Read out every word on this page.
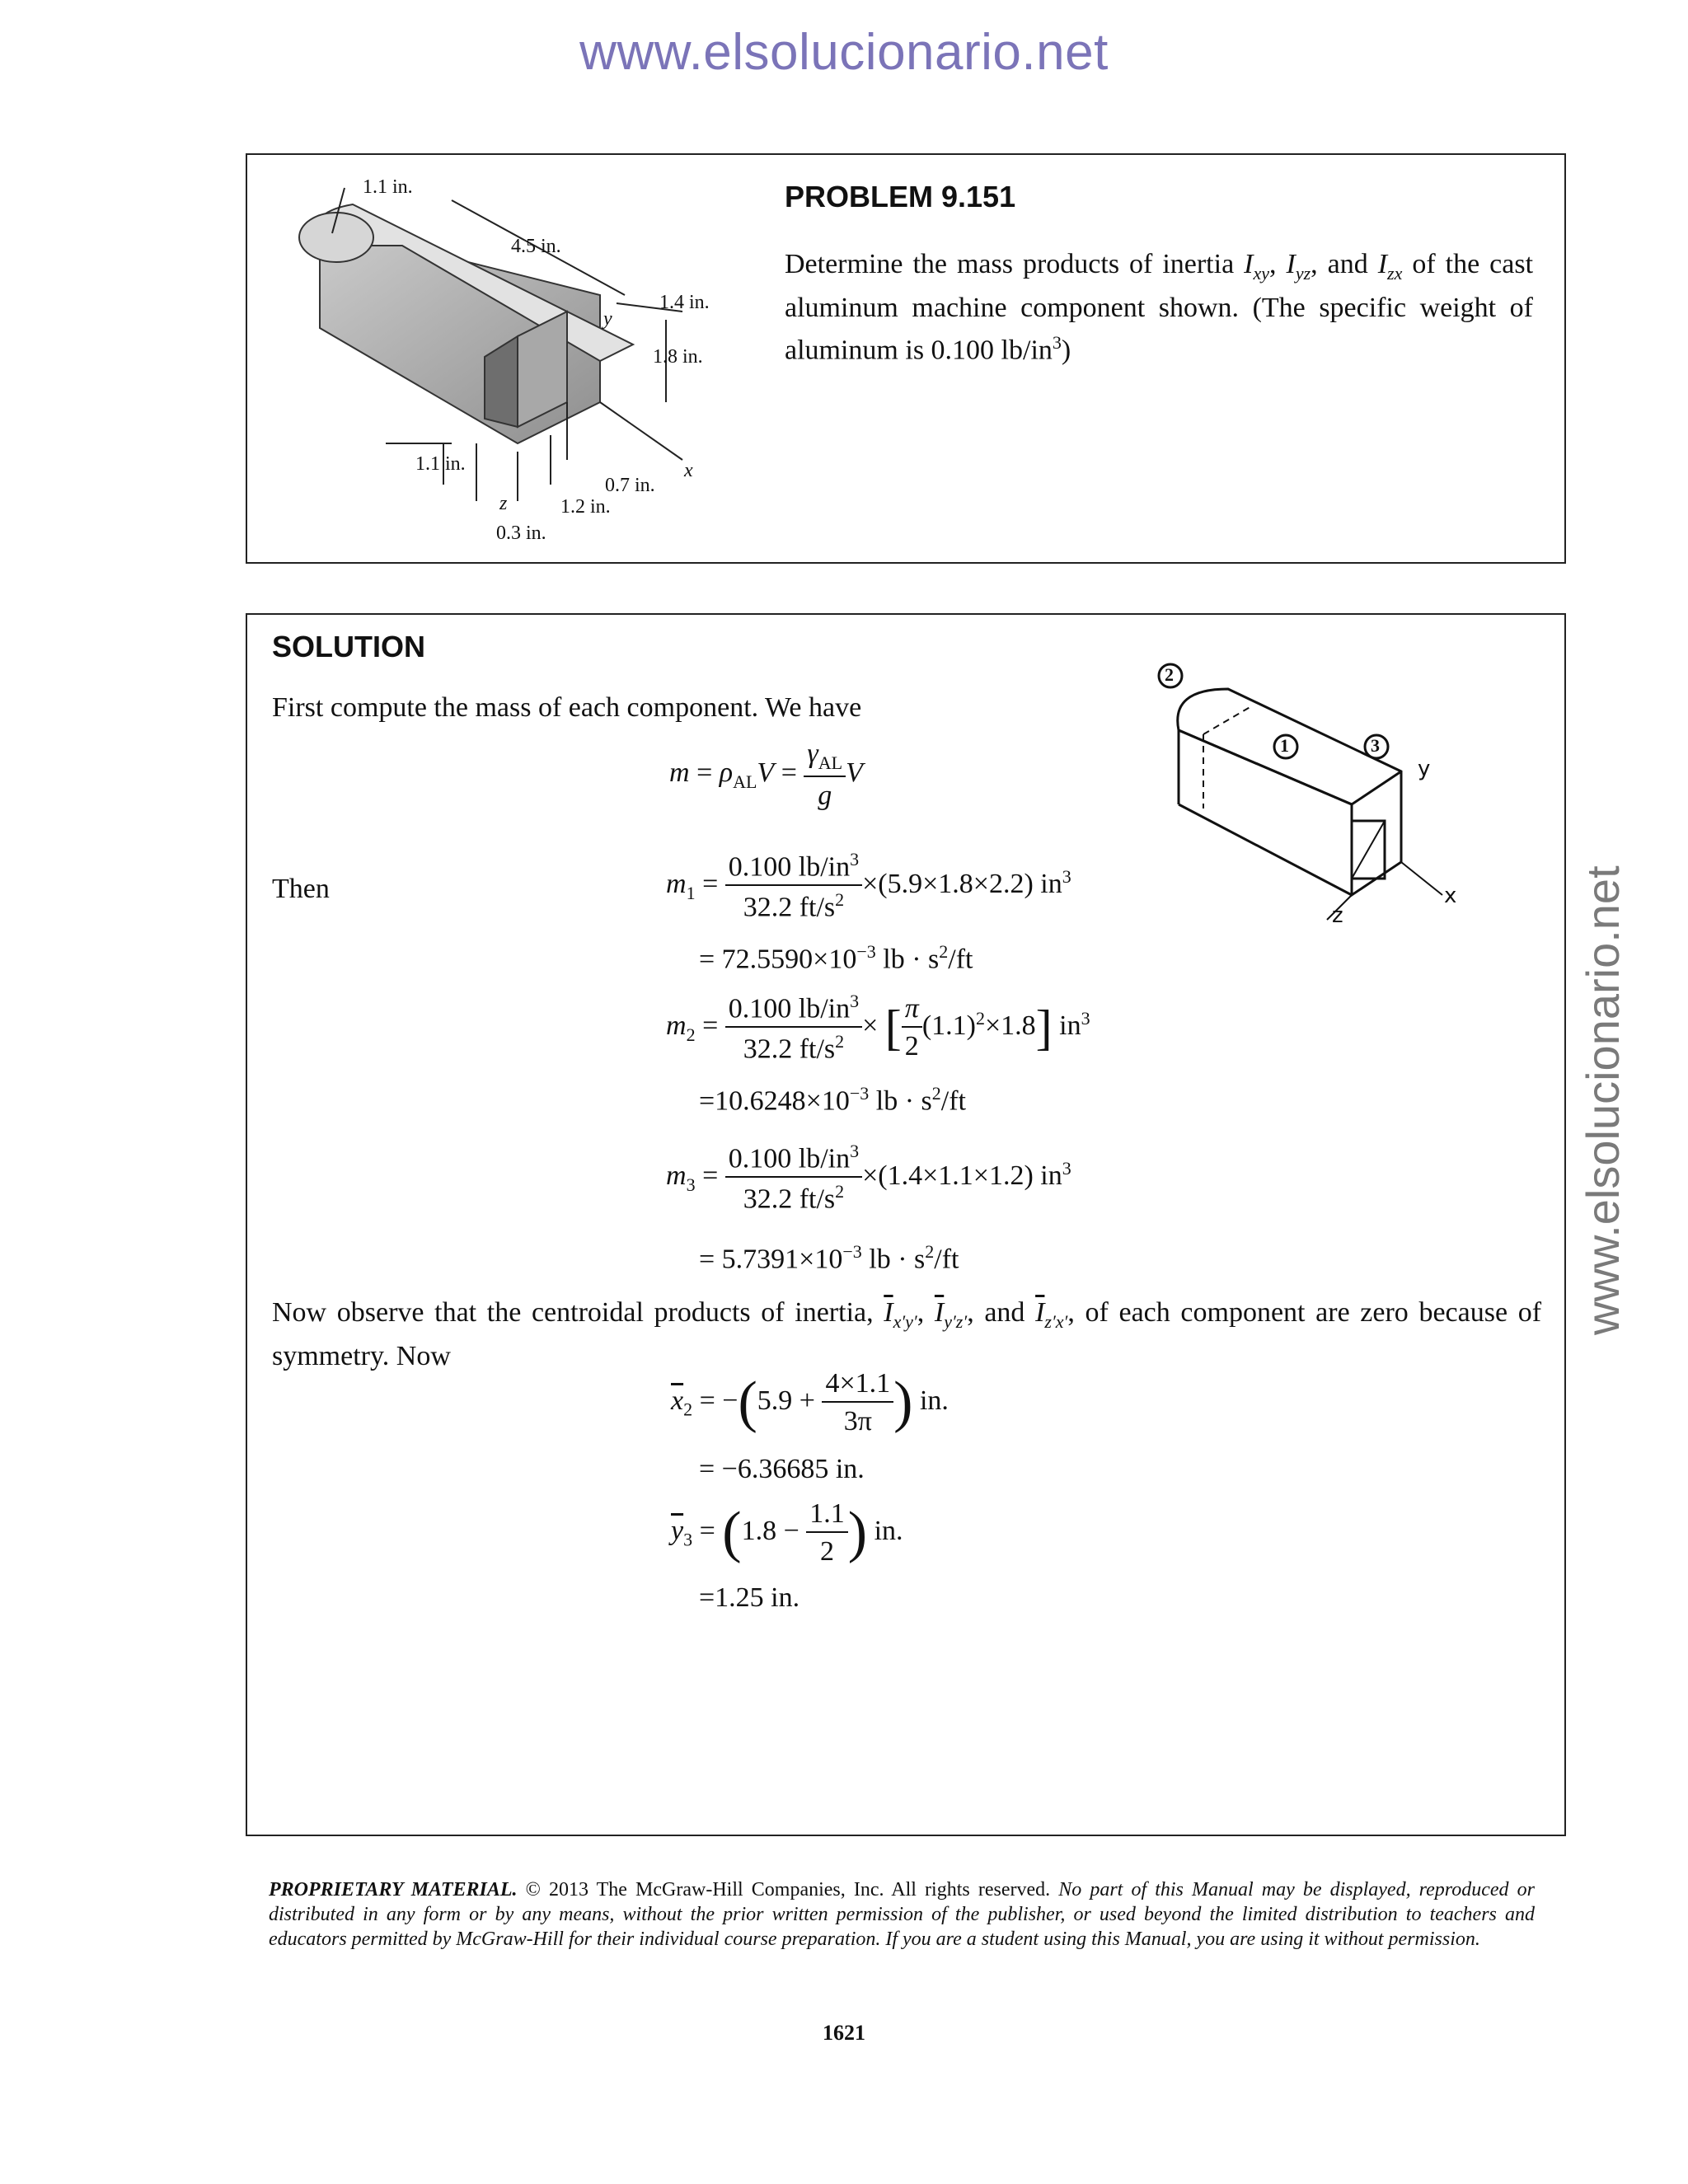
www.elsolucionario.net
www.elsolucionario.net
1.1 in.
4.5 in.
1.4 in.
y
1.8 in.
1.1 in.
0.7 in.
x
z	1.2 in.
0.3 in.
PROBLEM 9.151
Determine the mass products of inertia $I_{xy}$, $I_{yz}$, and $I_{zx}$ of the cast aluminum machine component shown. (The specific weight of aluminum is 0.100 $lb/in^3$)
SOLUTION
First compute the mass of each component. We have
2
1	3
y
x
z
$m = \rho_{AL}V = \frac{\gamma_{AL}}{g}$ V
Then	$m_1 = \frac{0.100 lb/in^3}{32.2 ft/s^2} \times(5.9\times 1.8\times 2.2)$ $in^3$
= $72.5590\times 10^{-3}$ lb · $s^2/ft$
$m_2 = \frac{0.100 lb/in^3}{32.2 ft/s^2}$ × [ $\frac{\pi}{2} (1.1)^2\times 1.8$] $in^3$
$=10.6248\times 10^{-3}$ lb · $s^2/ft$
$m_3 = \frac{0.100 lb/in^3}{32.2 ft/s^2} \times(1.4\times 1.1\times 1.2)$ $in^3$
= $5.7391\times 10^{-3}$ lb · $s^2/ft$
Now observe that the centroidal products of inertia, $\overline{I}_{x'y'}$, $\overline{I}_{y'z'}$, and $\overline{I}_{z'x'}$, of each component are zero because of symmetry. Now
$\overline{x}_2 = -(5.9 + \frac{4\times 1.1}{3\pi}$ ) in.
= −6.36685 in.
$\overline{y}_3 = (1.8 - \frac{1.1}{2}$ ) in.
=1.25 in.
PROPRIETARY MATERIAL. © 2013 The McGraw-Hill Companies, Inc. All rights reserved. No part of this Manual may be displayed, reproduced or distributed in any form or by any means, without the prior written permission of the publisher, or used beyond the limited distribution to teachers and educators permitted by McGraw-Hill for their individual course preparation. If you are a student using this Manual, you are using it without permission.
1621
